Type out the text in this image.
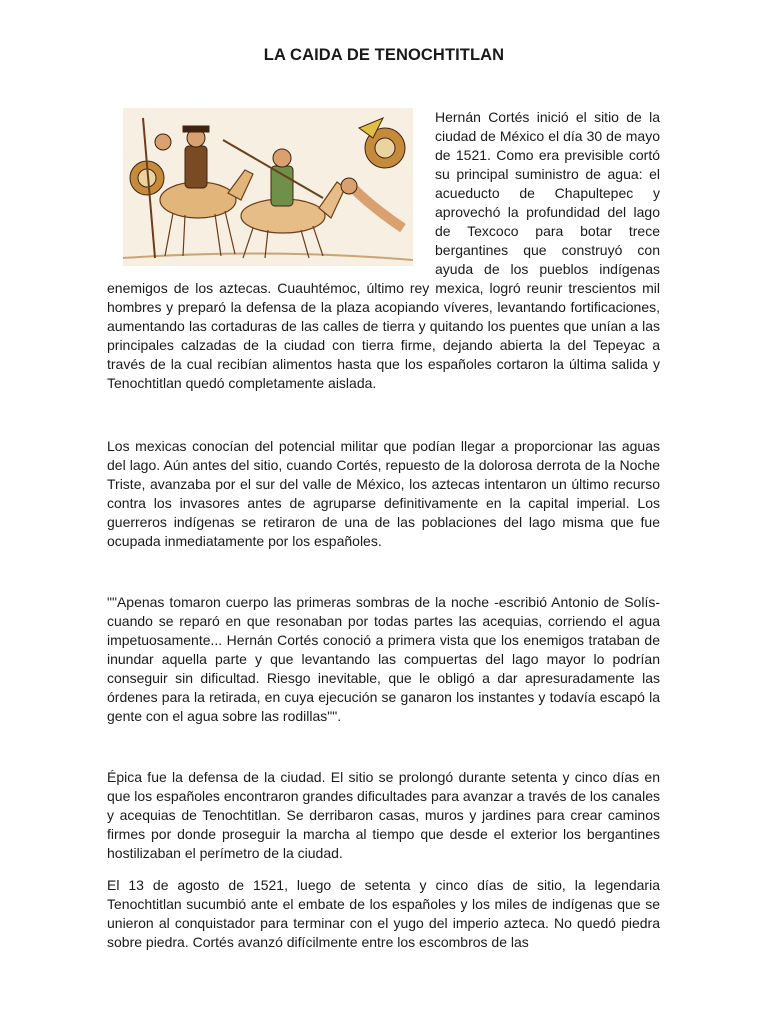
LA CAIDA DE TENOCHTITLAN
Hernán Cortés inició el sitio de la ciudad de México el día 30 de mayo de 1521. Como era previsible cortó su principal suministro de agua: el acueducto de Chapultepec y aprovechó la profundidad del lago de Texcoco para botar trece bergantines que construyó con ayuda de los pueblos indígenas enemigos de los aztecas. Cuauhtémoc, último rey mexica, logró reunir trescientos mil hombres y preparó la defensa de la plaza acopiando víveres, levantando fortificaciones, aumentando las cortaduras de las calles de tierra y quitando los puentes que unían a las principales calzadas de la ciudad con tierra firme, dejando abierta la del Tepeyac a través de la cual recibían alimentos hasta que los españoles cortaron la última salida y Tenochtitlan quedó completamente aislada.

Los mexicas conocían del potencial militar que podían llegar a proporcionar las aguas del lago. Aún antes del sitio, cuando Cortés, repuesto de la dolorosa derrota de la Noche Triste, avanzaba por el sur del valle de México, los aztecas intentaron un último recurso contra los invasores antes de agruparse definitivamente en la capital imperial. Los guerreros indígenas se retiraron de una de las poblaciones del lago misma que fue ocupada inmediatamente por los españoles.

""Apenas tomaron cuerpo las primeras sombras de la noche -escribió Antonio de Solís- cuando se reparó en que resonaban por todas partes las acequias, corriendo el agua impetuosamente... Hernán Cortés conoció a primera vista que los enemigos trataban de inundar aquella parte y que levantando las compuertas del lago mayor lo podrían conseguir sin dificultad. Riesgo inevitable, que le obligó a dar apresuradamente las órdenes para la retirada, en cuya ejecución se ganaron los instantes y todavía escapó la gente con el agua sobre las rodillas"".

Épica fue la defensa de la ciudad. El sitio se prolongó durante setenta y cinco días en que los españoles encontraron grandes dificultades para avanzar a través de los canales y acequias de Tenochtitlan. Se derribaron casas, muros y jardines para crear caminos firmes por donde proseguir la marcha al tiempo que desde el exterior los bergantines hostilizaban el perímetro de la ciudad.

El 13 de agosto de 1521, luego de setenta y cinco días de sitio, la legendaria Tenochtitlan sucumbió ante el embate de los españoles y los miles de indígenas que se unieron al conquistador para terminar con el yugo del imperio azteca. No quedó piedra sobre piedra. Cortés avanzó difícilmente entre los escombros de las
